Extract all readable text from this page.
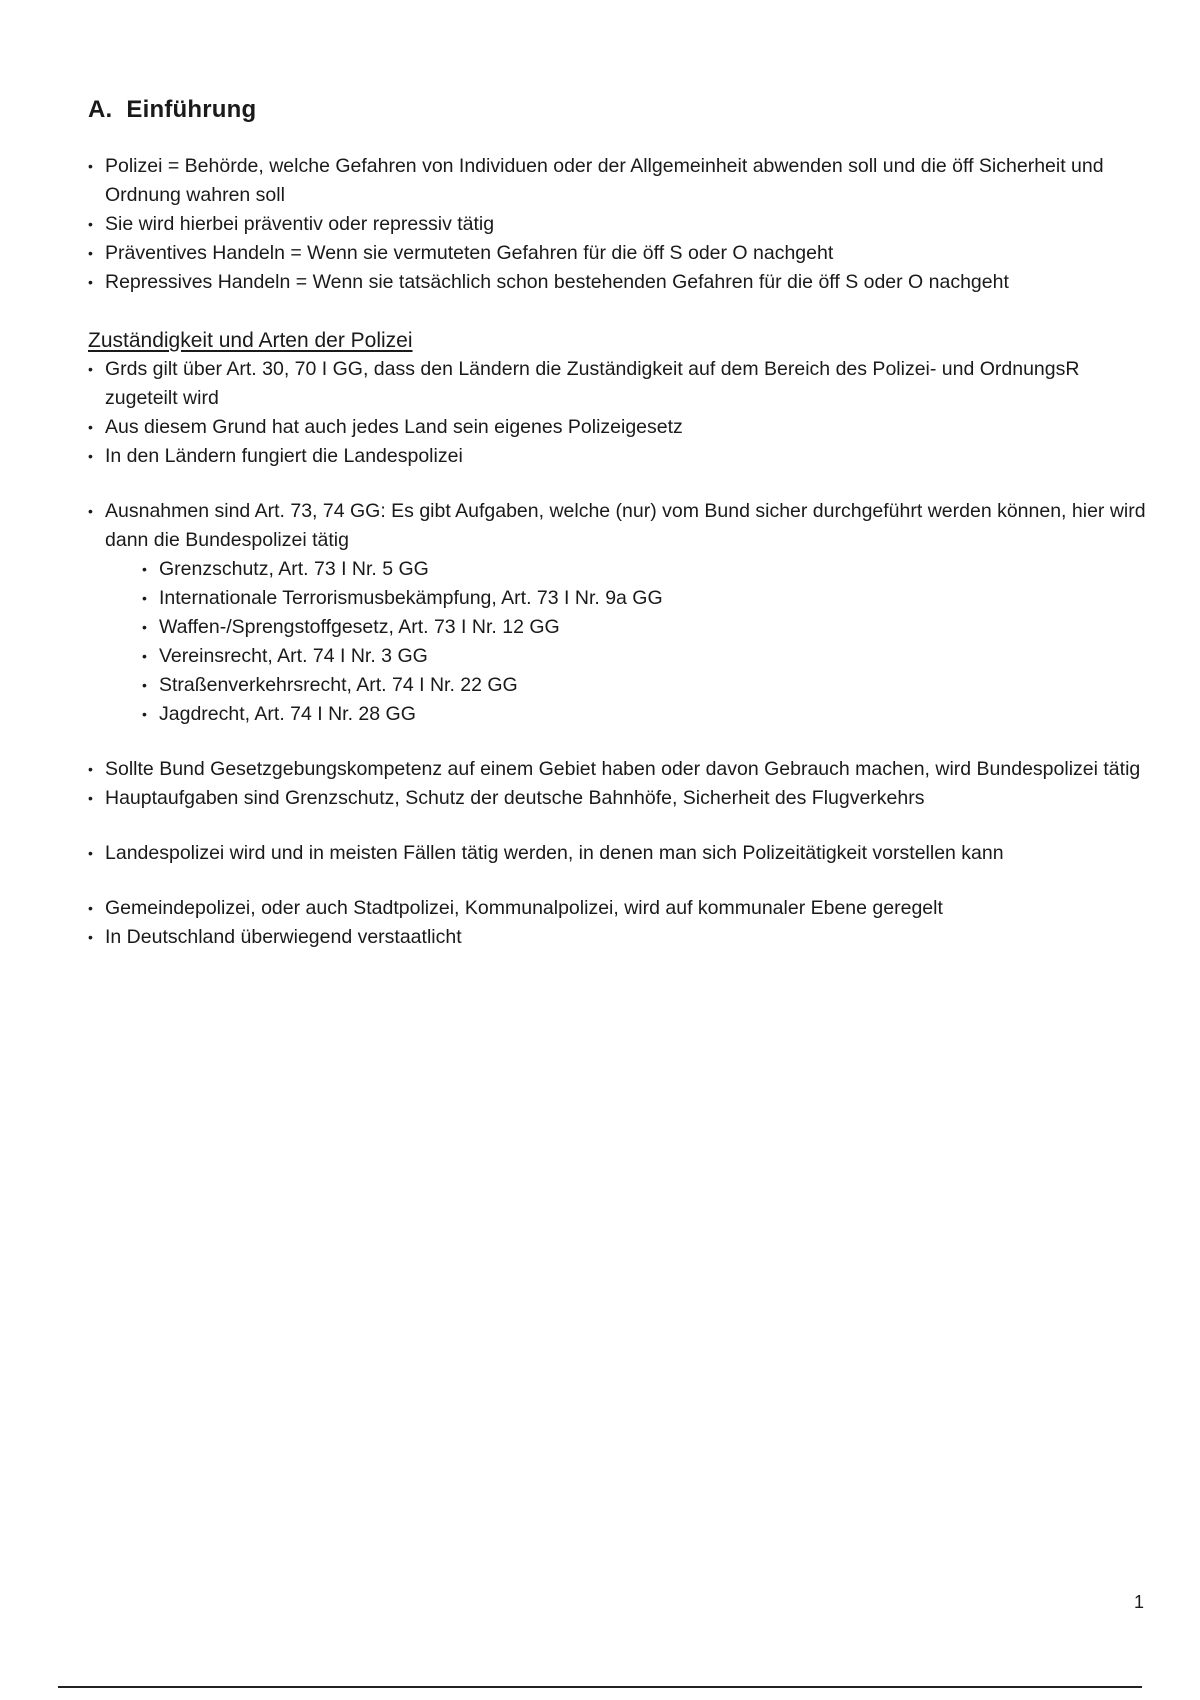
A. Einführung
• Polizei = Behörde, welche Gefahren von Individuen oder der Allgemeinheit abwenden soll und die öff Sicherheit und Ordnung wahren soll
• Sie wird hierbei präventiv oder repressiv tätig
• Präventives Handeln = Wenn sie vermuteten Gefahren für die öff S oder O nachgeht
• Repressives Handeln = Wenn sie tatsächlich schon bestehenden Gefahren für die öff S oder O nachgeht
Zuständigkeit und Arten der Polizei
• Grds gilt über Art. 30, 70 I GG, dass den Ländern die Zuständigkeit auf dem Bereich des Polizei- und OrdnungsR zugeteilt wird
• Aus diesem Grund hat auch jedes Land sein eigenes Polizeigesetz
• In den Ländern fungiert die Landespolizei
• Ausnahmen sind Art. 73, 74 GG: Es gibt Aufgaben, welche (nur) vom Bund sicher durchgeführt werden können, hier wird dann die Bundespolizei tätig
• Grenzschutz, Art. 73 I Nr. 5 GG
• Internationale Terrorismusbekämpfung, Art. 73 I Nr. 9a GG
• Waffen-/Sprengstoffgesetz, Art. 73 I Nr. 12 GG
• Vereinsrecht, Art. 74 I Nr. 3 GG
• Straßenverkehrsrecht, Art. 74 I Nr. 22 GG
• Jagdrecht, Art. 74 I Nr. 28 GG
• Sollte Bund Gesetzgebungskompetenz auf einem Gebiet haben oder davon Gebrauch machen, wird Bundespolizei tätig
• Hauptaufgaben sind Grenzschutz, Schutz der deutsche Bahnhöfe, Sicherheit des Flugverkehrs
• Landespolizei wird und in meisten Fällen tätig werden, in denen man sich Polizeitätigkeit vorstellen kann
• Gemeindepolizei, oder auch Stadtpolizei, Kommunalpolizei, wird auf kommunaler Ebene geregelt
• In Deutschland überwiegend verstaatlicht
1
